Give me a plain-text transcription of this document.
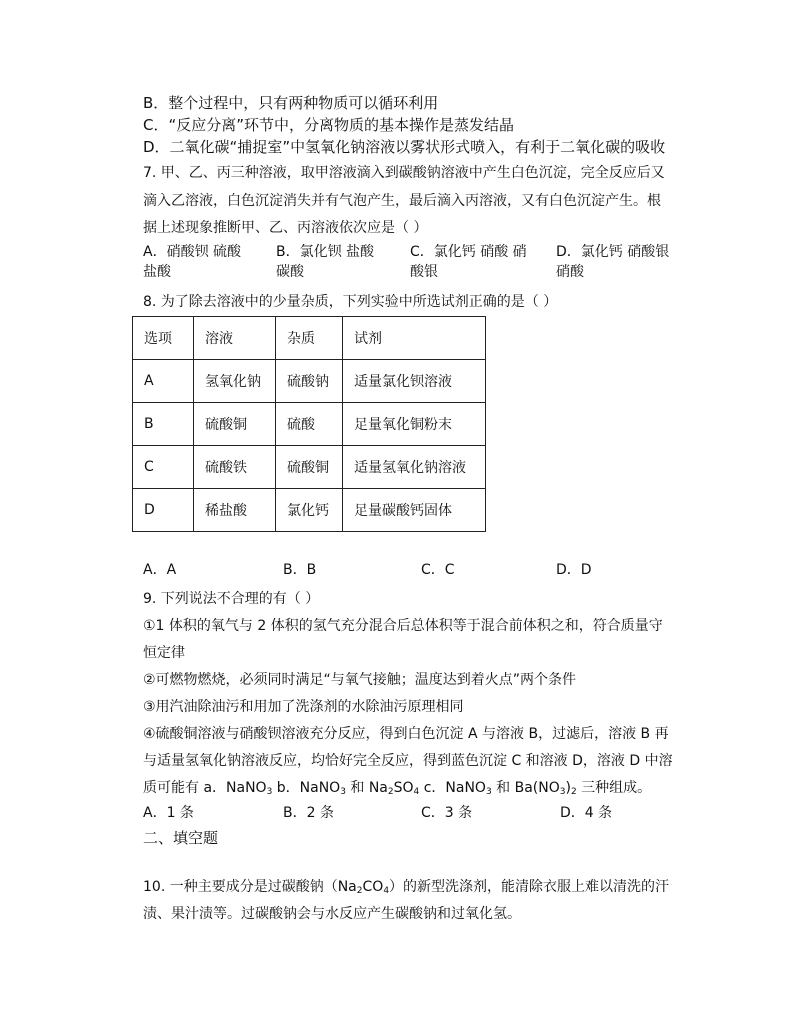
B．整个过程中，只有两种物质可以循环利用
C．“反应分离”环节中，分离物质的基本操作是蒸发结晶
D．二氧化碳“捕捉室”中氢氧化钠溶液以雾状形式喷入，有利于二氧化碳的吸收
7. 甲、乙、丙三种溶液，取甲溶液滴入到碳酸钠溶液中产生白色沉淀，完全反应后又
滴入乙溶液，白色沉淀消失并有气泡产生，最后滴入丙溶液，又有白色沉淀产生。根
据上述现象推断甲、乙、丙溶液依次应是（ ）
A．硝酸钡 硫酸
盐酸
B．氯化钡 盐酸
碳酸
C．氯化钙 硝酸 硝
酸银
D．氯化钙 硝酸银
硝酸
8. 为了除去溶液中的少量杂质，下列实验中所选试剂正确的是（ ）
选项	溶液	杂质	试剂
A	氢氧化钠	硫酸钠	适量氯化钡溶液
B	硫酸铜	硫酸	足量氧化铜粉末
C	硫酸铁	硫酸铜	适量氢氧化钠溶液
D	稀盐酸	氯化钙	足量碳酸钙固体
A．A	B．B	C．C	D．D
9. 下列说法不合理的有（ ）
①1 体积的氧气与 2 体积的氢气充分混合后总体积等于混合前体积之和，符合质量守
恒定律
②可燃物燃烧，必须同时满足“与氧气接触；温度达到着火点”两个条件
③用汽油除油污和用加了洗涤剂的水除油污原理相同
④硫酸铜溶液与硝酸钡溶液充分反应，得到白色沉淀 A 与溶液 B，过滤后，溶液 B 再
与适量氢氧化钠溶液反应，均恰好完全反应，得到蓝色沉淀 C 和溶液 D，溶液 D 中溶
质可能有 a．NaNO$_3$ b．NaNO$_3$ 和 $Na_2SO_4$ c．NaNO$_3$ 和 $Ba(NO_3)_2$ 三种组成。
A．1 条	B．2 条	C．3 条	D．4 条
二、填空题
10. 一种主要成分是过碳酸钠$(Na_2CO_4)$的新型洗涤剂，能清除衣服上难以清洗的汗
渍、果汁渍等。过碳酸钠会与水反应产生碳酸钠和过氧化氢。
